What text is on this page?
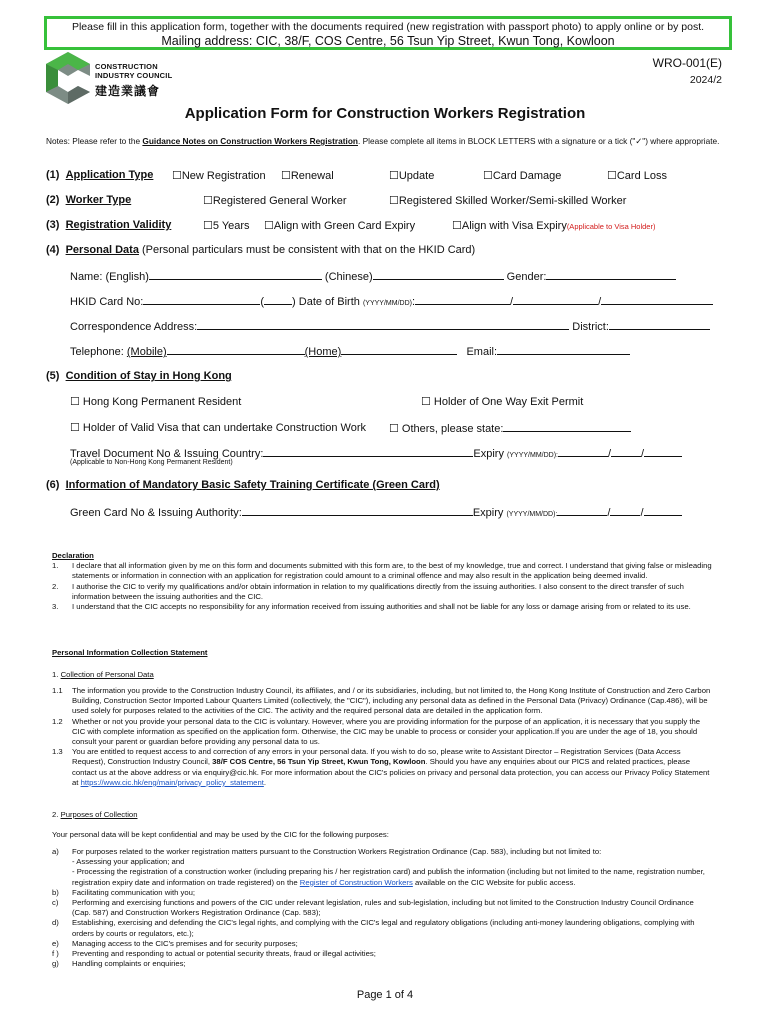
Please fill in this application form, together with the documents required (new registration with passport photo) to apply online or by post.
Mailing address: CIC, 38/F, COS Centre, 56 Tsun Yip Street, Kwun Tong, Kowloon
CONSTRUCTION
INDUSTRY COUNCIL
建造業議會
WRO-001(E)
2024/2
Application Form for Construction Workers Registration
Notes: Please refer to the Guidance Notes on Construction Workers Registration. Please complete all items in BLOCK LETTERS with a signature or a tick ("✓") where appropriate.
(1) Application Type ☐New Registration ☐Renewal	☐Update	☐Card Damage	☐Card Loss
(2) Worker Type	☐Registered General Worker	☐Registered Skilled Worker/Semi-skilled Worker
(3) Registration Validity	☐5 Years ☐Align with Green Card Expiry	☐Align with Visa Expiry(Applicable to Visa Holder)
(4) Personal Data (Personal particulars must be consistent with that on the HKID Card)
Name: (English)	(Chinese)	Gender:
HKID Card No:	(	) Date of Birth (YYYY/MM/DD):	/	/
Correspondence Address:	District:
Telephone: (Mobile)	(Home)	Email:
(5) Condition of Stay in Hong Kong
☐ Hong Kong Permanent Resident	☐ Holder of One Way Exit Permit
☐ Holder of Valid Visa that can undertake Construction Work ☐ Others, please state:
Travel Document No & Issuing Country:	Expiry (YYYY/MM/DD):	/	/
(Applicable to Non-Hong Kong Permanent Resident)
(6) Information of Mandatory Basic Safety Training Certificate (Green Card)
Green Card No & Issuing Authority:	Expiry (YYYY/MM/DD):	/	/
Declaration
1.	I declare that all information given by me on this form and documents submitted with this form are, to the best of my knowledge, true and correct. I understand that giving false or misleading statements or information in connection with an application for registration could amount to a criminal offence and may also result in the application being deemed invalid.
2.	I authorise the CIC to verify my qualifications and/or obtain information in relation to my qualifications directly from the issuing authorities. I also consent to the direct transfer of such information between the issuing authorities and the CIC.
3.	I understand that the CIC accepts no responsibility for any information received from issuing authorities and shall not be liable for any loss or damage arising from or related to its use.
Personal Information Collection Statement
1. Collection of Personal Data
1.1	The information you provide to the Construction Industry Council, its affiliates, and / or its subsidiaries, including, but not limited to, the Hong Kong Institute of Construction and Zero Carbon Building, Construction Sector Imported Labour Quarters Limited (collectively, the "CIC"), including any personal data as defined in the Personal Data (Privacy) Ordinance (Cap.486), will be used solely for purposes related to the activities of the CIC. The activity and the required personal data are detailed in the application form.
1.2	Whether or not you provide your personal data to the CIC is voluntary. However, where you are providing information for the purpose of an application, it is necessary that you supply the CIC with complete information as specified on the application form. Otherwise, the CIC may be unable to process or consider your application.If you are under the age of 18, you should consult your parent or guardian before providing any personal data to us.
1.3	You are entitled to request access to and correction of any errors in your personal data. If you wish to do so, please write to Assistant Director – Registration Services (Data Access Request), Construction Industry Council, 38/F COS Centre, 56 Tsun Yip Street, Kwun Tong, Kowloon. Should you have any enquiries about our PICS and related practices, please contact us at the above address or via enquiry@cic.hk. For more information about the CIC's policies on privacy and personal data protection, you can access our Privacy Policy Statement at https://www.cic.hk/eng/main/privacy_policy_statement.
2. Purposes of Collection
Your personal data will be kept confidential and may be used by the CIC for the following purposes:
a)	For purposes related to the worker registration matters pursuant to the Construction Workers Registration Ordinance (Cap. 583), including but not limited to:
- Assessing your application; and
- Processing the registration of a construction worker (including preparing his / her registration card) and publish the information (including but not limited to the name, registration number, registration expiry date and information on trade registered) on the Register of Construction Workers available on the CIC Website for public access.
b)	Facilitating communication with you;
c)	Performing and exercising functions and powers of the CIC under relevant legislation, rules and sub-legislation, including but not limited to the Construction Industry Council Ordinance (Cap. 587) and Construction Workers Registration Ordinance (Cap. 583);
d)	Establishing, exercising and defending the CIC's legal rights, and complying with the CIC's legal and regulatory obligations (including anti-money laundering obligations, complying with orders by courts or regulators, etc.);
e)	Managing access to the CIC's premises and for security purposes;
f )	Preventing and responding to actual or potential security threats, fraud or illegal activities;
g)	Handling complaints or enquiries;
Page 1 of 4
